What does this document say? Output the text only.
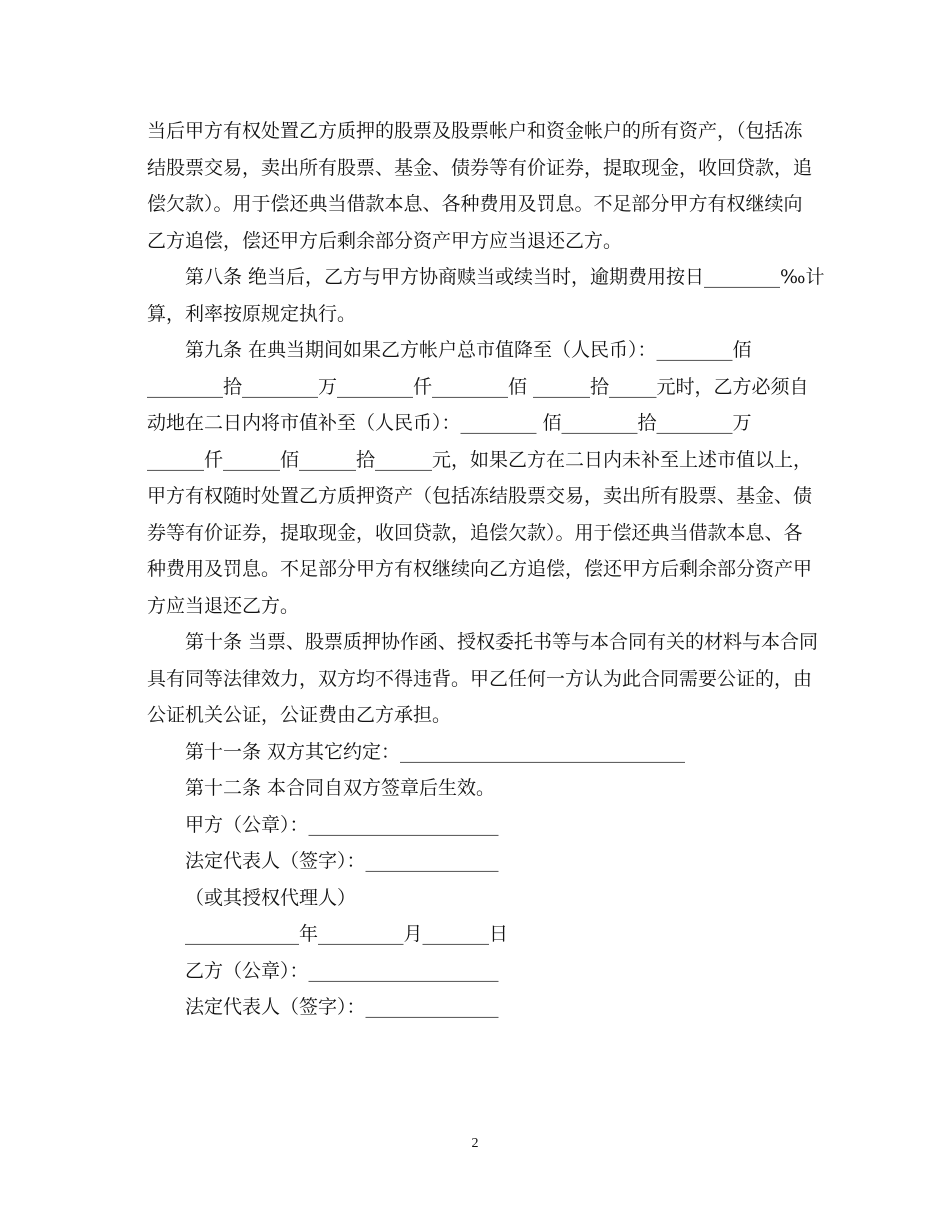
当后甲方有权处置乙方质押的股票及股票帐户和资金帐户的所有资产，（包括冻
结股票交易，卖出所有股票、基金、债券等有价证券，提取现金，收回贷款，追
偿欠款）。用于偿还典当借款本息、各种费用及罚息。不足部分甲方有权继续向
乙方追偿，偿还甲方后剩余部分资产甲方应当退还乙方。
第八条 绝当后，乙方与甲方协商赎当或续当时，逾期费用按日________‰计
算，利率按原规定执行。
第九条 在典当期间如果乙方帐户总市值降至（人民币）：________佰
________拾________万________仟________佰 ______拾_____元时，乙方必须自
动地在二日内将市值补至（人民币）：________ 佰________拾________万
______仟______佰______拾______元，如果乙方在二日内未补至上述市值以上，
甲方有权随时处置乙方质押资产（包括冻结股票交易，卖出所有股票、基金、债
券等有价证券，提取现金，收回贷款，追偿欠款）。用于偿还典当借款本息、各
种费用及罚息。不足部分甲方有权继续向乙方追偿，偿还甲方后剩余部分资产甲
方应当退还乙方。
第十条 当票、股票质押协作函、授权委托书等与本合同有关的材料与本合同
具有同等法律效力，双方均不得违背。甲乙任何一方认为此合同需要公证的，由
公证机关公证，公证费由乙方承担。
第十一条 双方其它约定：______________________________
第十二条 本合同自双方签章后生效。
甲方（公章）：____________________
法定代表人（签字）：______________
（或其授权代理人）
____________年_________月_______日
乙方（公章）：____________________
法定代表人（签字）：______________
2
